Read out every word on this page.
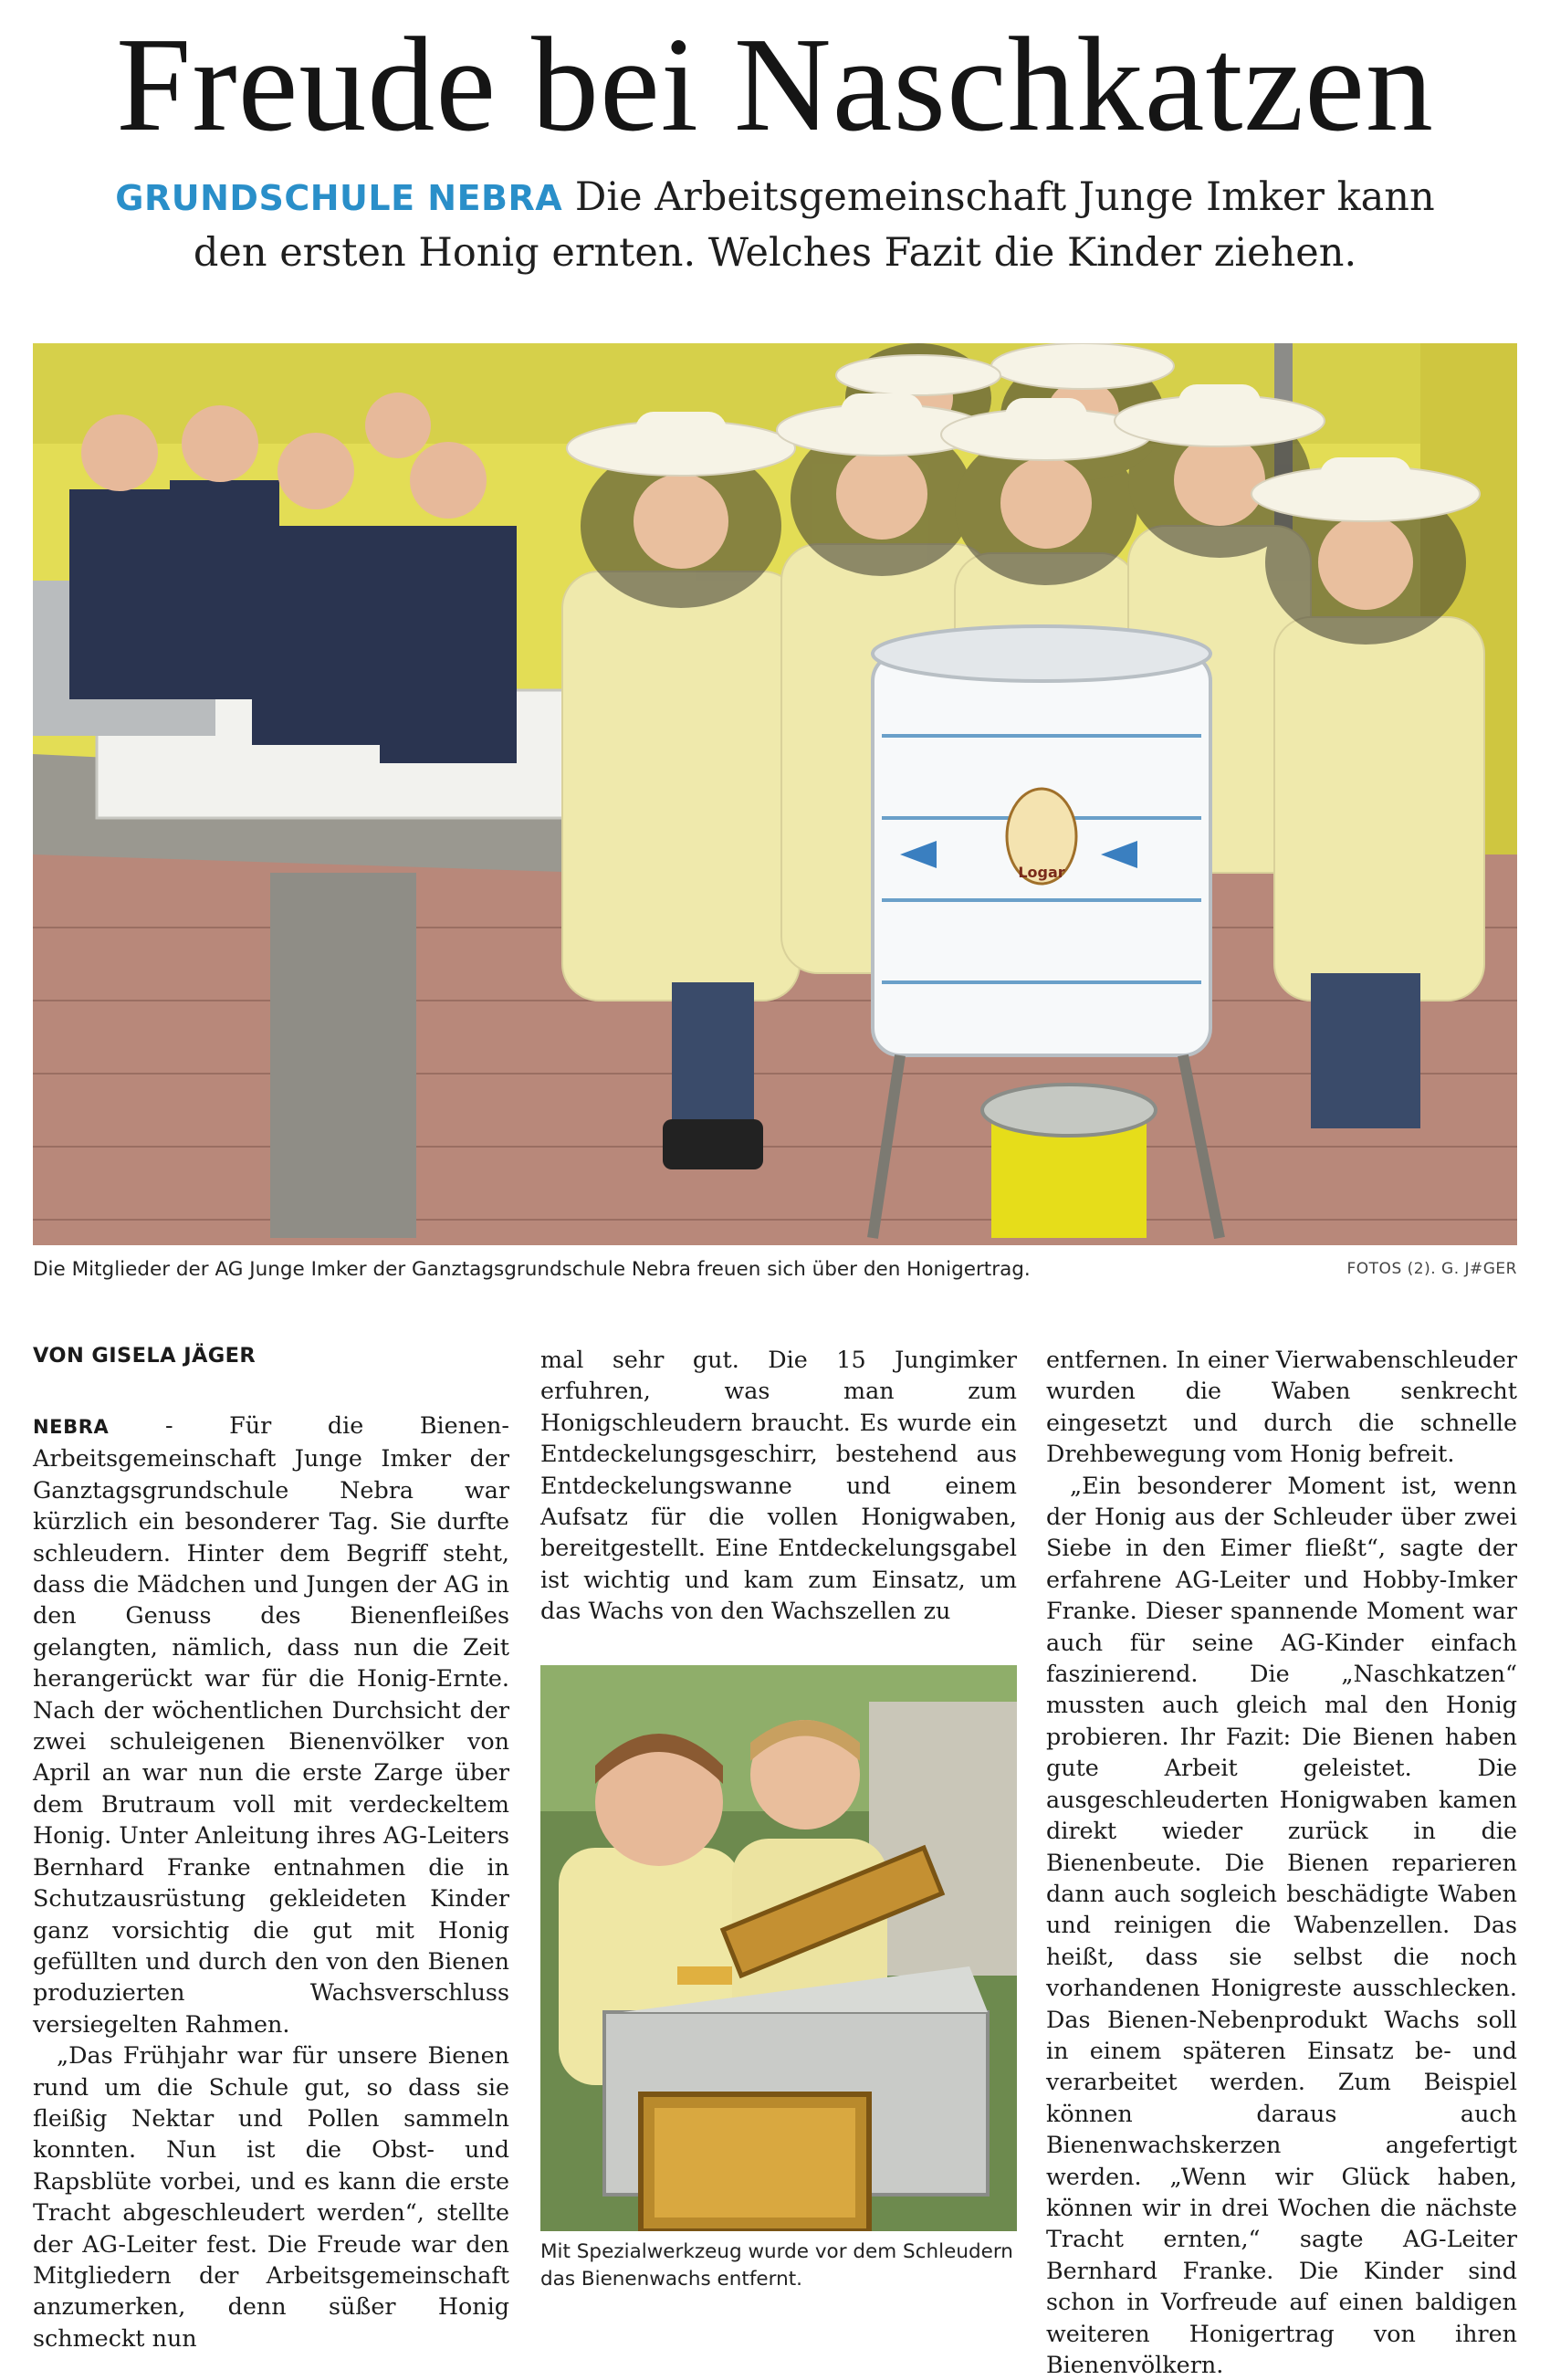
Freude bei Naschkatzen

GRUNDSCHULE NEBRA Die Arbeitsgemeinschaft Junge Imker kann den ersten Honig ernten. Welches Fazit die Kinder ziehen.

Logar

Die Mitglieder der AG Junge Imker der Ganztagsgrundschule Nebra freuen sich über den Honigertrag.	FOTOS (2). G. J#GER

VON GISELA JÄGER

NEBRA - Für die Bienen-Arbeitsgemeinschaft Junge Imker der Ganztagsgrundschule Nebra war kürzlich ein besonderer Tag. Sie durfte schleudern. Hinter dem Begriff steht, dass die Mädchen und Jungen der AG in den Genuss des Bienenfleißes gelangten, nämlich, dass nun die Zeit herangerückt war für die Honig-Ernte. Nach der wöchentlichen Durchsicht der zwei schuleigenen Bienenvölker von April an war nun die erste Zarge über dem Brutraum voll mit verdeckeltem Honig. Unter Anleitung ihres AG-Leiters Bernhard Franke entnahmen die in Schutzausrüstung gekleideten Kinder ganz vorsichtig die gut mit Honig gefüllten und durch den von den Bienen produzierten Wachsverschluss versiegelten Rahmen.

„Das Frühjahr war für unsere Bienen rund um die Schule gut, so dass sie fleißig Nektar und Pollen sammeln konnten. Nun ist die Obst- und Rapsblüte vorbei, und es kann die erste Tracht abgeschleudert werden“, stellte der AG-Leiter fest. Die Freude war den Mitgliedern der Arbeitsgemeinschaft anzumerken, denn süßer Honig schmeckt nun

mal sehr gut. Die 15 Jungimker erfuhren, was man zum Honigschleudern braucht. Es wurde ein Entdeckelungsgeschirr, bestehend aus Entdeckelungswanne und einem Aufsatz für die vollen Honigwaben, bereitgestellt. Eine Entdeckelungsgabel ist wichtig und kam zum Einsatz, um das Wachs von den Wachszellen zu

Mit Spezialwerkzeug wurde vor dem Schleudern das Bienenwachs entfernt.

entfernen. In einer Vierwabenschleuder wurden die Waben senkrecht eingesetzt und durch die schnelle Drehbewegung vom Honig befreit.

„Ein besonderer Moment ist, wenn der Honig aus der Schleuder über zwei Siebe in den Eimer fließt“, sagte der erfahrene AG-Leiter und Hobby-Imker Franke. Dieser spannende Moment war auch für seine AG-Kinder einfach faszinierend. Die „Naschkatzen“ mussten auch gleich mal den Honig probieren. Ihr Fazit: Die Bienen haben gute Arbeit geleistet. Die ausgeschleuderten Honigwaben kamen direkt wieder zurück in die Bienenbeute. Die Bienen reparieren dann auch sogleich beschädigte Waben und reinigen die Wabenzellen. Das heißt, dass sie selbst die noch vorhandenen Honigreste ausschlecken. Das Bienen-Nebenprodukt Wachs soll in einem späteren Einsatz be- und verarbeitet werden. Zum Beispiel können daraus auch Bienenwachskerzen angefertigt werden. „Wenn wir Glück haben, können wir in drei Wochen die nächste Tracht ernten,“ sagte AG-Leiter Bernhard Franke. Die Kinder sind schon in Vorfreude auf einen baldigen weiteren Honigertrag von ihren Bienenvölkern.
